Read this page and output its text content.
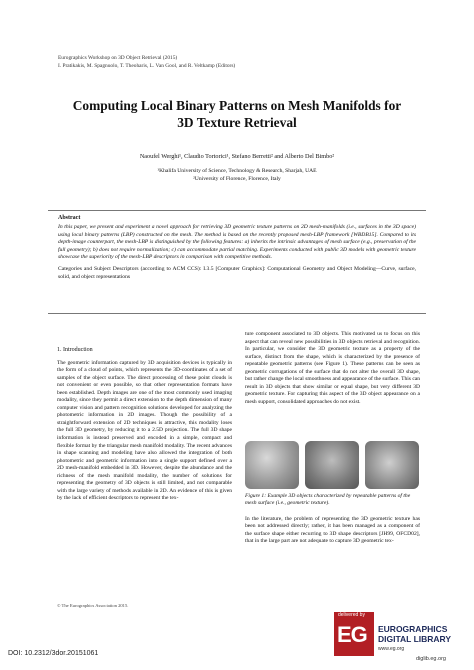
Eurographics Workshop on 3D Object Retrieval (2015)
I. Pratikakis, M. Spagnuolo, T. Theoharis, L. Van Gool, and R. Veltkamp (Editors)
Computing Local Binary Patterns on Mesh Manifolds for
3D Texture Retrieval
Naoufel Werghi¹, Claudio Tortorici¹, Stefano Berretti² and Alberto Del Bimbo²
¹Khalifa University of Science, Technology & Research, Sharjah, UAE
²University of Florence, Florence, Italy
Abstract
In this paper, we present and experiment a novel approach for retrieving 3D geometric texture patterns on 2D mesh-manifolds (i.e., surfaces in the 3D space) using local binary patterns (LBP) constructed on the mesh. The method is based on the recently proposed mesh-LBP framework [WBDB15]. Compared to its depth-image counterpart, the mesh-LBP is distinguished by the following features: a) inherits the intrinsic advantages of mesh surface (e.g., preservation of the full geometry); b) does not require normalization; c) can accommodate partial matching. Experiments conducted with public 3D models with geometric texture showcase the superiority of the mesh-LBP descriptors in comparison with competitive methods.
Categories and Subject Descriptors (according to ACM CCS): I.3.5 [Computer Graphics]: Computational Geometry and Object Modeling—Curve, surface, solid, and object representations
1. Introduction

The geometric information captured by 3D acquisition devices is typically in the form of a cloud of points, which represents the 3D-coordinates of a set of samples of the object surface. The direct processing of these point clouds is not convenient or even possible, so that other representation formats have been established. Depth images are one of the most commonly used imaging modality, since they permit a direct extension to the depth dimension of many computer vision and pattern recognition solutions developed for analyzing the photometric information in 2D images. Though the possibility of a straightforward extension of 2D techniques is attractive, this modality loses the full 3D geometry, by reducing it to a 2.5D projection. The full 3D shape information is instead preserved and encoded in a simple, compact and flexible format by the triangular mesh manifold modality. The recent advances in shape scanning and modeling have also allowed the integration of both photometric and geometric information into a single support defined over a 2D mesh-manifold embedded in 3D. However, despite the abundance and the richness of the mesh manifold modality, the number of solutions for representing the geometry of 3D objects is still limited, and not comparable with the large variety of methods available in 2D. An evidence of this is given by the lack of efficient descriptors to represent the tex-

ture component associated to 3D objects. This motivated us to focus on this aspect that can reveal new possibilities in 3D objects retrieval and recognition. In particular, we consider the 3D geometric texture as a property of the surface, distinct from the shape, which is characterized by the presence of repeatable geometric patterns (see Figure 1). These patterns can be seen as geometric corrugations of the surface that do not alter the overall 3D shape, but rather change the local smoothness and appearance of the surface. This can result in 3D objects that show similar or equal shape, but very different 3D geometric texture. For capturing this aspect of the 3D object appearance on a mesh support, consolidated approaches do not exist.

Figure 1: Example 3D objects characterized by repeatable patterns of the mesh surface (i.e., geometric texture).

In the literature, the problem of representing the 3D geometric texture has been not addressed directly; rather, it has been managed as a component of the surface shape either recurring to 3D shape descriptors [JH99, OFCD02], that in the large part are not adequate to capture 3D geometric tex-

© The Eurographics Association 2015.
DOI: 10.2312/3dor.20151061
delivered by
EG EUROGRAPHICS
DIGITAL LIBRARY
www.eg.org
diglib.eg.org
